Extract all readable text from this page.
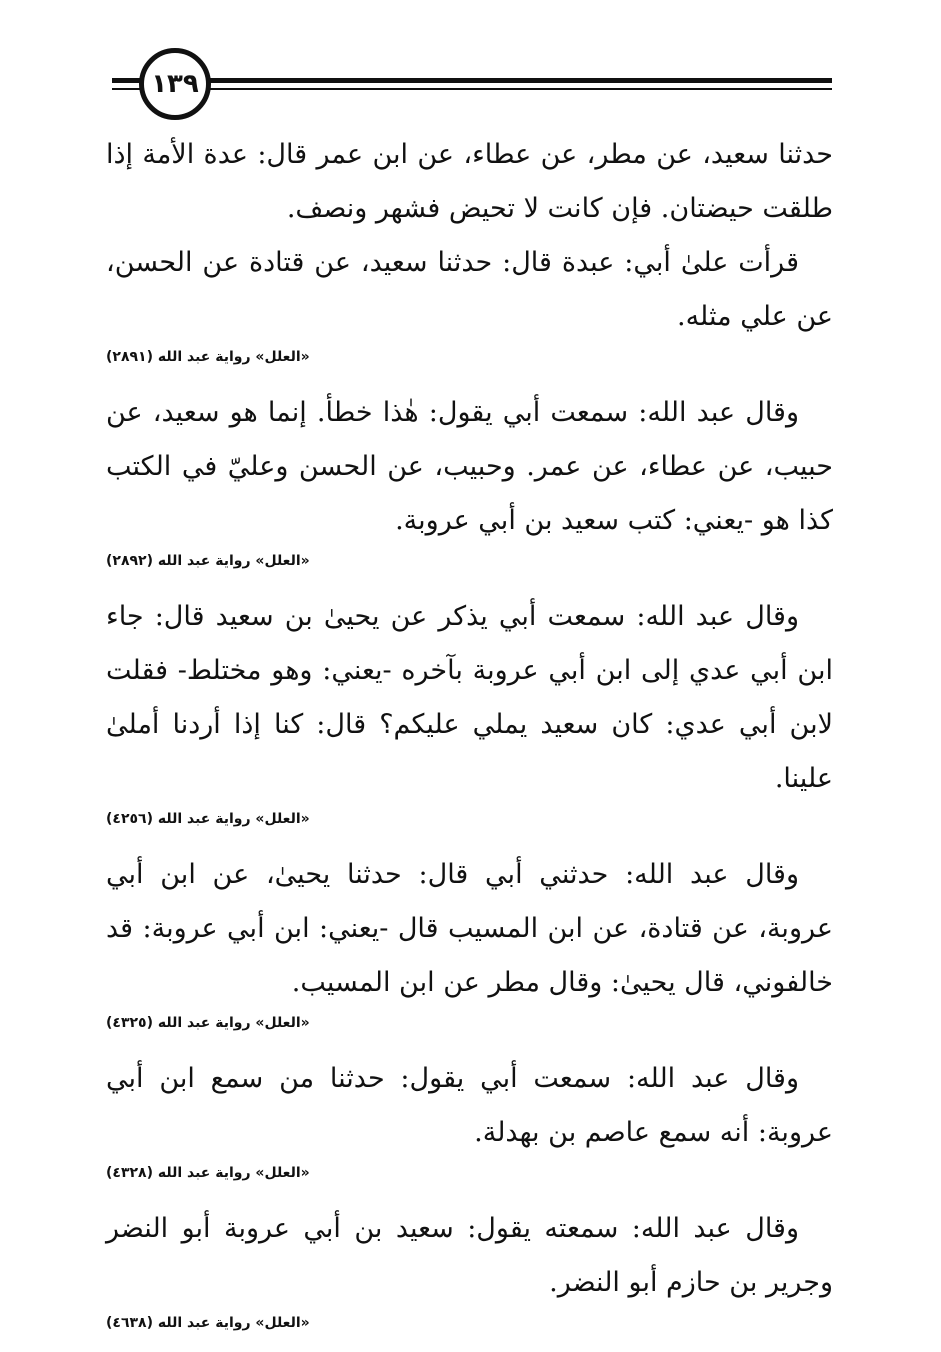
١٣٩

حدثنا سعيد، عن مطر، عن عطاء، عن ابن عمر قال: عدة الأمة إذا طلقت حيضتان. فإن كانت لا تحيض فشهر ونصف.

قرأت علىٰ أبي: عبدة قال: حدثنا سعيد، عن قتادة عن الحسن، عن علي مثله.

«العلل» رواية عبد الله (٢٨٩١)

وقال عبد الله: سمعت أبي يقول: هٰذا خطأ. إنما هو سعيد، عن حبيب، عن عطاء، عن عمر. وحبيب، عن الحسن وعليّ في الكتب كذا هو -يعني: كتب سعيد بن أبي عروبة.

«العلل» رواية عبد الله (٢٨٩٢)

وقال عبد الله: سمعت أبي يذكر عن يحيىٰ بن سعيد قال: جاء ابن أبي عدي إلى ابن أبي عروبة بآخره -يعني: وهو مختلط- فقلت لابن أبي عدي: كان سعيد يملي عليكم؟ قال: كنا إذا أردنا أملىٰ علينا.

«العلل» رواية عبد الله (٤٢٥٦)

وقال عبد الله: حدثني أبي قال: حدثنا يحيىٰ، عن ابن أبي عروبة، عن قتادة، عن ابن المسيب قال -يعني: ابن أبي عروبة: قد خالفوني، قال يحيىٰ: وقال مطر عن ابن المسيب.

«العلل» رواية عبد الله (٤٣٢٥)

وقال عبد الله: سمعت أبي يقول: حدثنا من سمع ابن أبي عروبة: أنه سمع عاصم بن بهدلة.

«العلل» رواية عبد الله (٤٣٢٨)

وقال عبد الله: سمعته يقول: سعيد بن أبي عروبة أبو النضر وجرير بن حازم أبو النضر.

«العلل» رواية عبد الله (٤٦٣٨)
